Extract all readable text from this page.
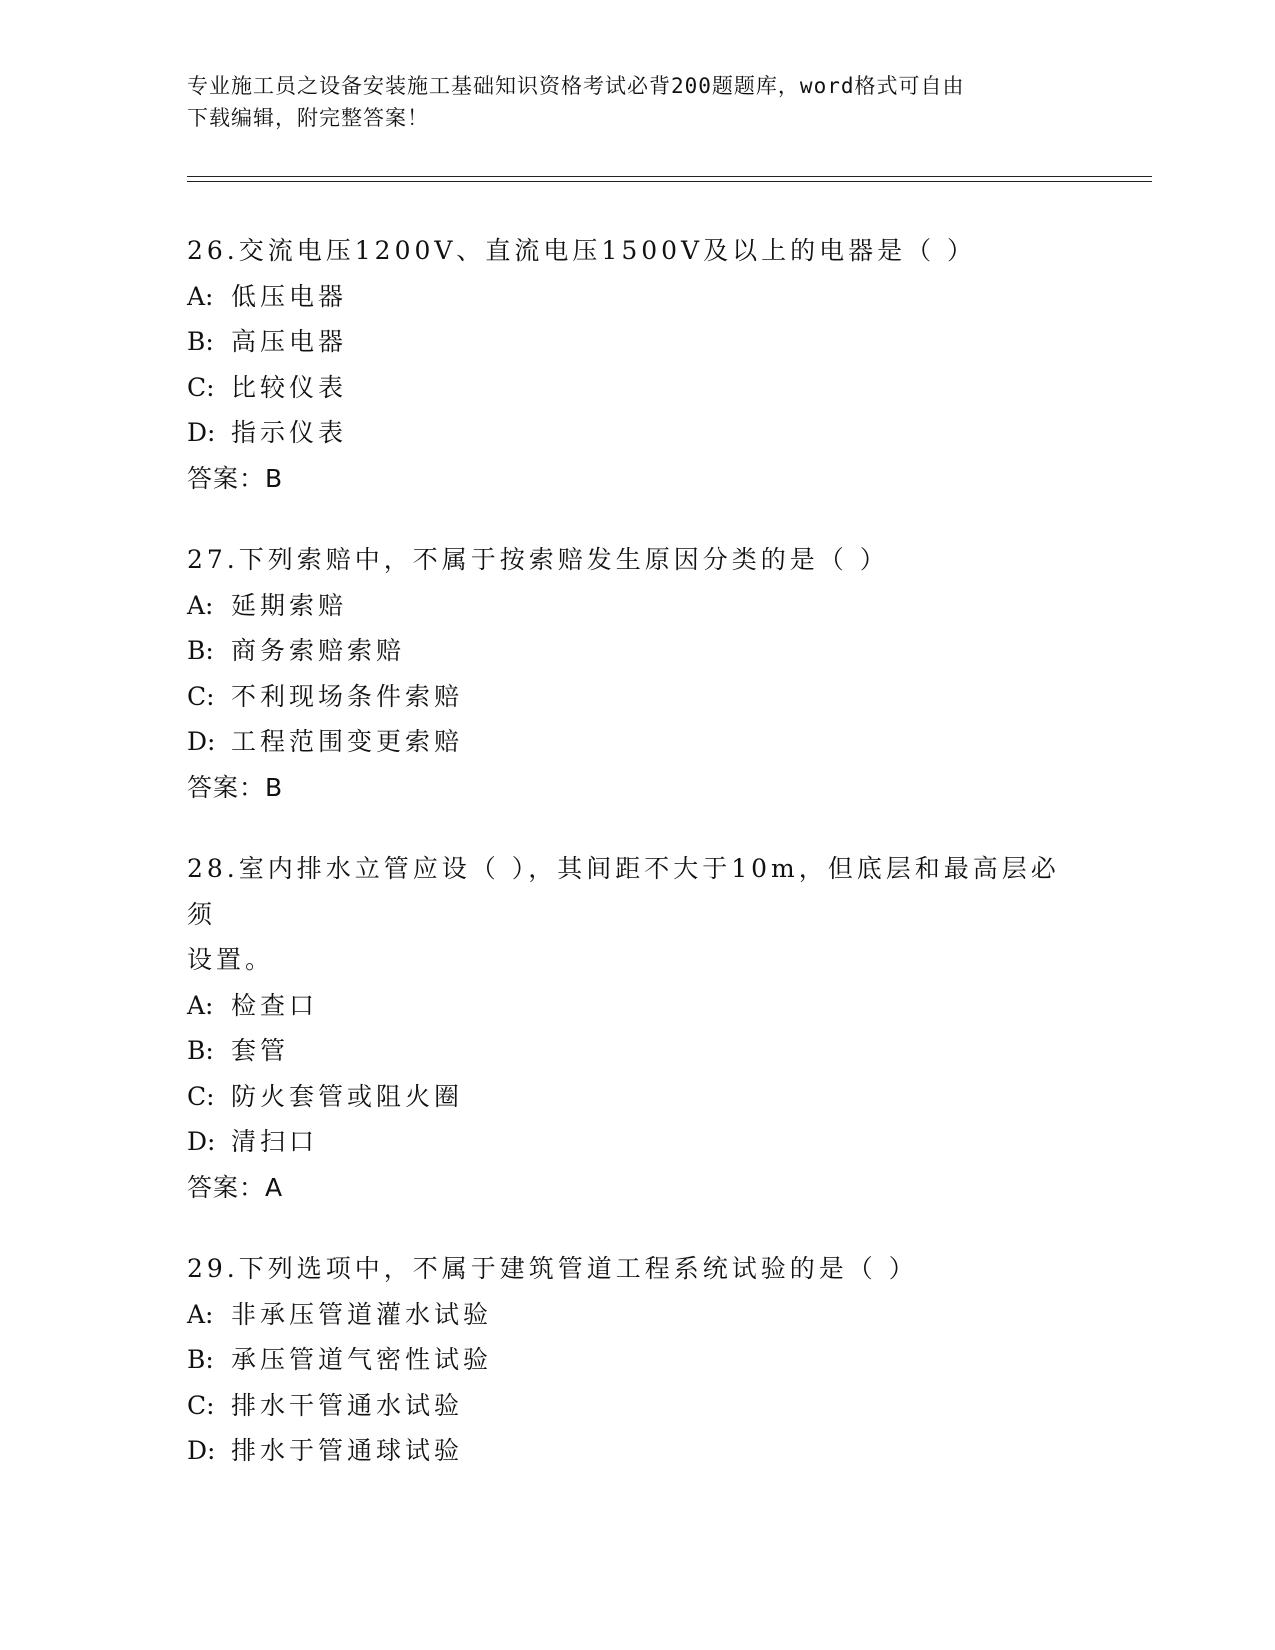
专业施工员之设备安装施工基础知识资格考试必背200题题库，word格式可自由
下载编辑，附完整答案！
26.交流电压1200V、直流电压1500V及以上的电器是（ ）
A: 低压电器
B: 高压电器
C: 比较仪表
D: 指示仪表
答案：B
27.下列索赔中，不属于按索赔发生原因分类的是（ ）
A: 延期索赔
B: 商务索赔索赔
C: 不利现场条件索赔
D: 工程范围变更索赔
答案：B
28.室内排水立管应设（ ），其间距不大于10m，但底层和最高层必须
设置。
A: 检查口
B: 套管
C: 防火套管或阻火圈
D: 清扫口
答案：A
29.下列选项中，不属于建筑管道工程系统试验的是（ ）
A: 非承压管道灌水试验
B: 承压管道气密性试验
C: 排水干管通水试验
D: 排水于管通球试验
